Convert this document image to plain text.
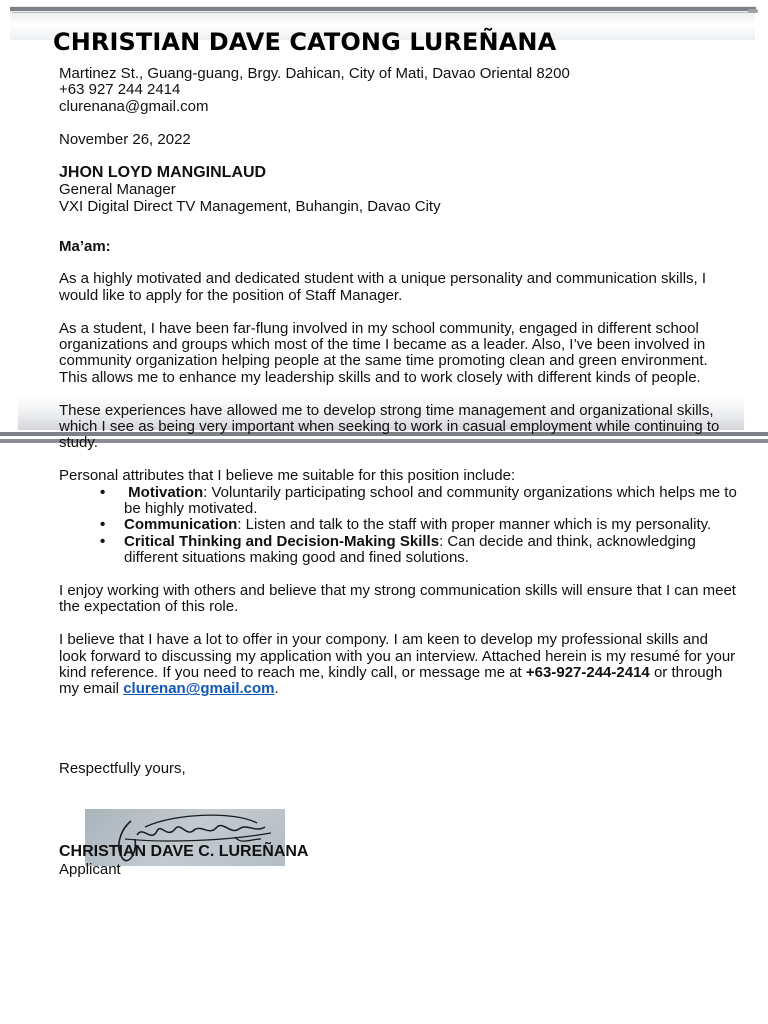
CHRISTIAN DAVE CATONG LUREÑANA

Martinez St., Guang-guang, Brgy. Dahican, City of Mati, Davao Oriental 8200

+63 927 244 2414

clurenana@gmail.com

November 26, 2022

JHON LOYD MANGINLAUD

General Manager

VXI Digital Direct TV Management, Buhangin, Davao City

Ma’am:

As a highly motivated and dedicated student with a unique personality and communication skills, I would like to apply for the position of Staff Manager.

As a student, I have been far-flung involved in my school community, engaged in different school organizations and groups which most of the time I became as a leader. Also, I’ve been involved in community organization helping people at the same time promoting clean and green environment. This allows me to enhance my leadership skills and to work closely with different kinds of people.

These experiences have allowed me to develop strong time management and organizational skills, which I see as being very important when seeking to work in casual employment while continuing to study.

Personal attributes that I believe me suitable for this position include:

• Motivation: Voluntarily participating school and community organizations which helps me to be highly motivated.
• Communication: Listen and talk to the staff with proper manner which is my personality.
• Critical Thinking and Decision-Making Skills: Can decide and think, acknowledging different situations making good and fined solutions.

I enjoy working with others and believe that my strong communication skills will ensure that I can meet the expectation of this role.

I believe that I have a lot to offer in your compony. I am keen to develop my professional skills and look forward to discussing my application with you an interview. Attached herein is my resumé for your kind reference. If you need to reach me, kindly call, or message me at +63-927-244-2414 or through my email clurenan@gmail.com.

Respectfully yours,

CHRISTIAN DAVE C. LUREÑANA
Applicant
